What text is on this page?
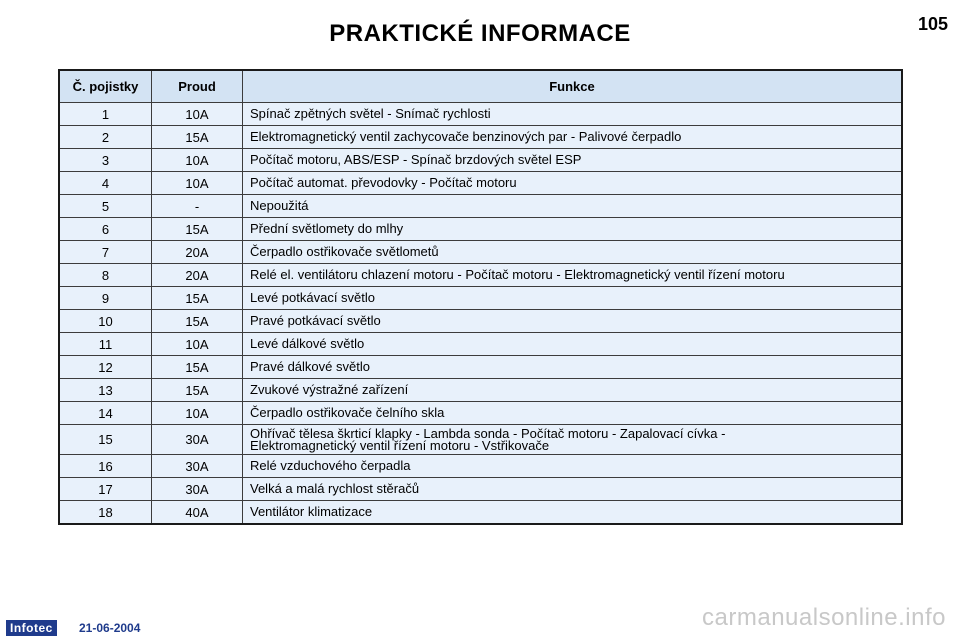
PRAKTICKÉ INFORMACE	105
Č. pojistky	Proud	Funkce
1	10A	Spínač zpětných světel - Snímač rychlosti

2	15A	Elektromagnetický ventil zachycovače benzinových par - Palivové čerpadlo

3	10A	Počítač motoru, ABS/ESP - Spínač brzdových světel ESP

4	10A	Počítač automat. převodovky - Počítač motoru

5	-	Nepoužitá

6	15A	Přední světlomety do mlhy

7	20A	Čerpadlo ostřikovače světlometů

8	20A	Relé el. ventilátoru chlazení motoru - Počítač motoru - Elektromagnetický ventil řízení motoru

9	15A	Levé potkávací světlo

10	15A	Pravé potkávací světlo

11	10A	Levé dálkové světlo

12	15A	Pravé dálkové světlo

13	15A	Zvukové výstražné zařízení

14	10A	Čerpadlo ostřikovače čelního skla

15	30A	Ohřívač tělesa škrticí klapky - Lambda sonda - Počítač motoru - Zapalovací cívka -
Elektromagnetický ventil řízení motoru - Vstřikovače

16	30A	Relé vzduchového čerpadla

17	30A	Velká a malá rychlost stěračů

18	40A	Ventilátor klimatizace
Infotec	21-06-2004	carmanualsonline.info
